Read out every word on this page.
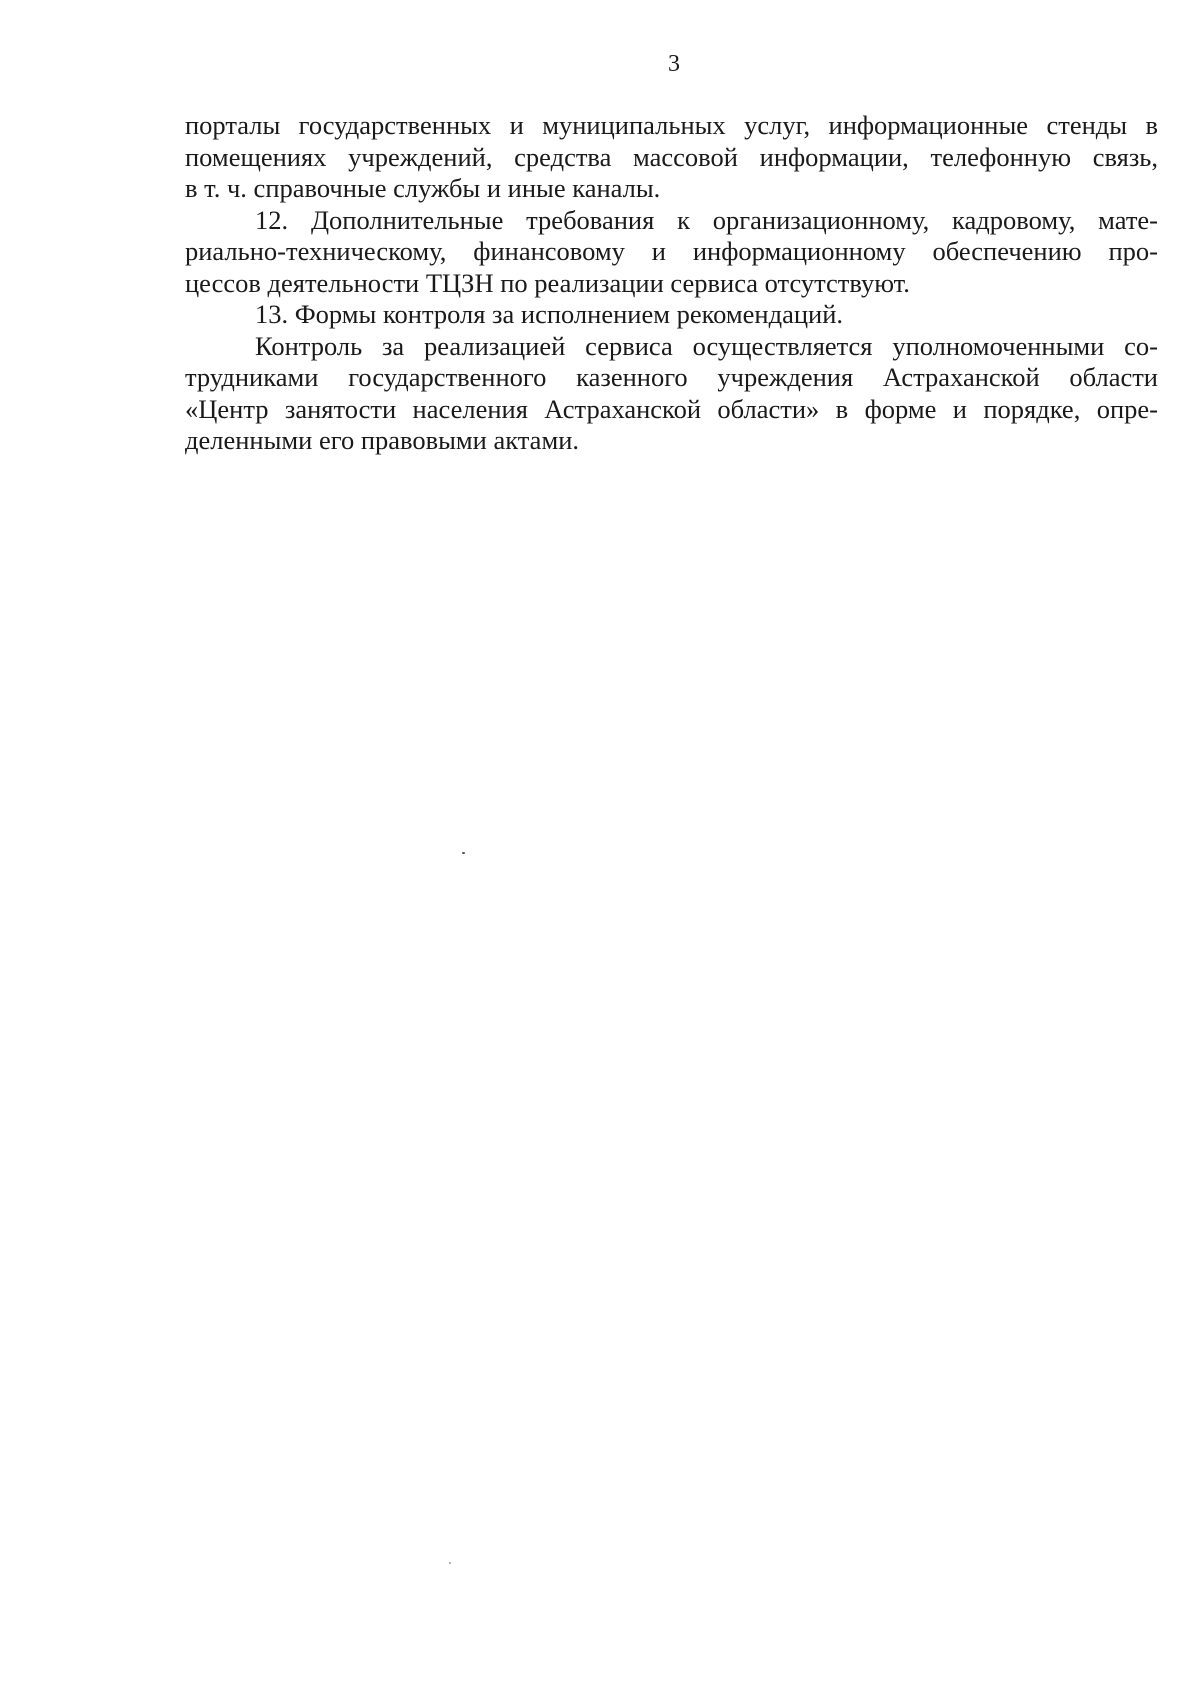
3
порталы государственных и муниципальных услуг, информационные стенды в
помещениях учреждений, средства массовой информации, телефонную связь,
в т. ч. справочные службы и иные каналы.
12. Дополнительные требования к организационному, кадровому, мате-
риально-техническому, финансовому и информационному обеспечению про-
цессов деятельности ТЦЗН по реализации сервиса отсутствуют.
13. Формы контроля за исполнением рекомендаций.
Контроль за реализацией сервиса осуществляется уполномоченными со-
трудниками государственного казенного учреждения Астраханской области
«Центр занятости населения Астраханской области» в форме и порядке, опре-
деленными его правовыми актами.
